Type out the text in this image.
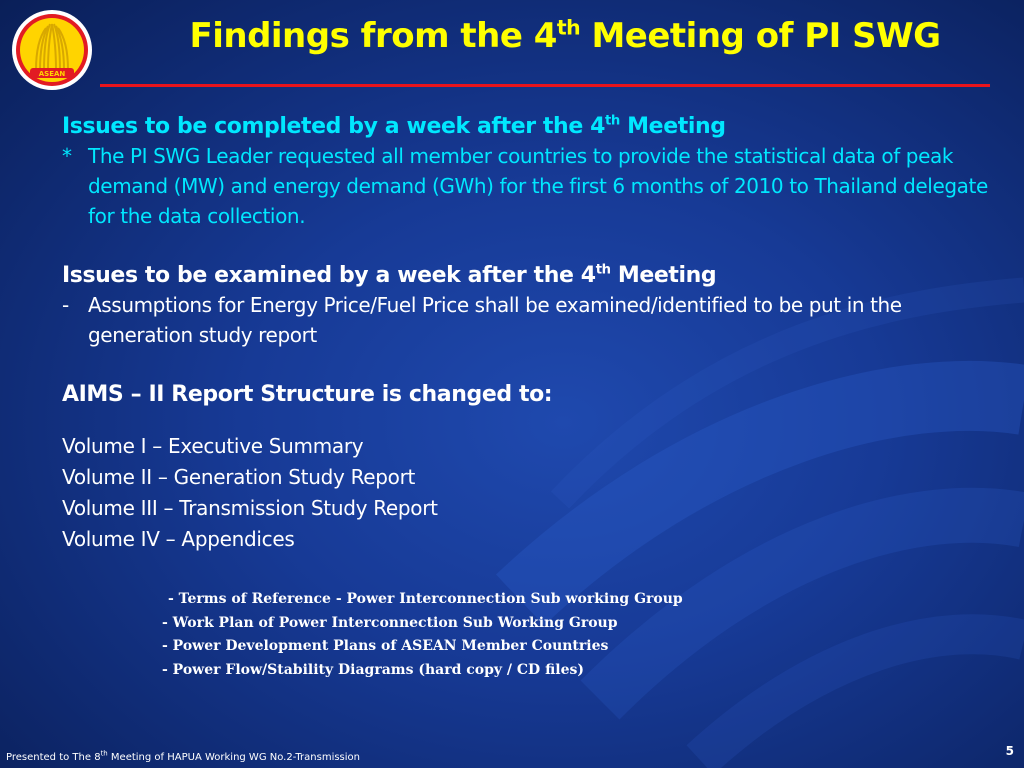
ASEAN
Findings from the 4th Meeting of PI SWG
Issues to be completed by a week after the 4th Meeting
* The PI SWG Leader requested all member countries to provide the statistical data of peak demand (MW) and energy demand (GWh) for the first 6 months of 2010 to Thailand delegate for the data collection.
Issues to be examined by a week after the 4th Meeting
- Assumptions for Energy Price/Fuel Price shall be examined/identified to be put in the generation study report
AIMS – II Report Structure is changed to:
Volume I – Executive Summary
Volume II – Generation Study Report
Volume III – Transmission Study Report
Volume IV – Appendices
- Terms of Reference - Power Interconnection Sub working Group
- Work Plan of Power Interconnection Sub Working Group
- Power Development Plans of ASEAN Member Countries
- Power Flow/Stability Diagrams (hard copy / CD files)
Presented to The 8th Meeting of HAPUA Working WG No.2-Transmission	5
